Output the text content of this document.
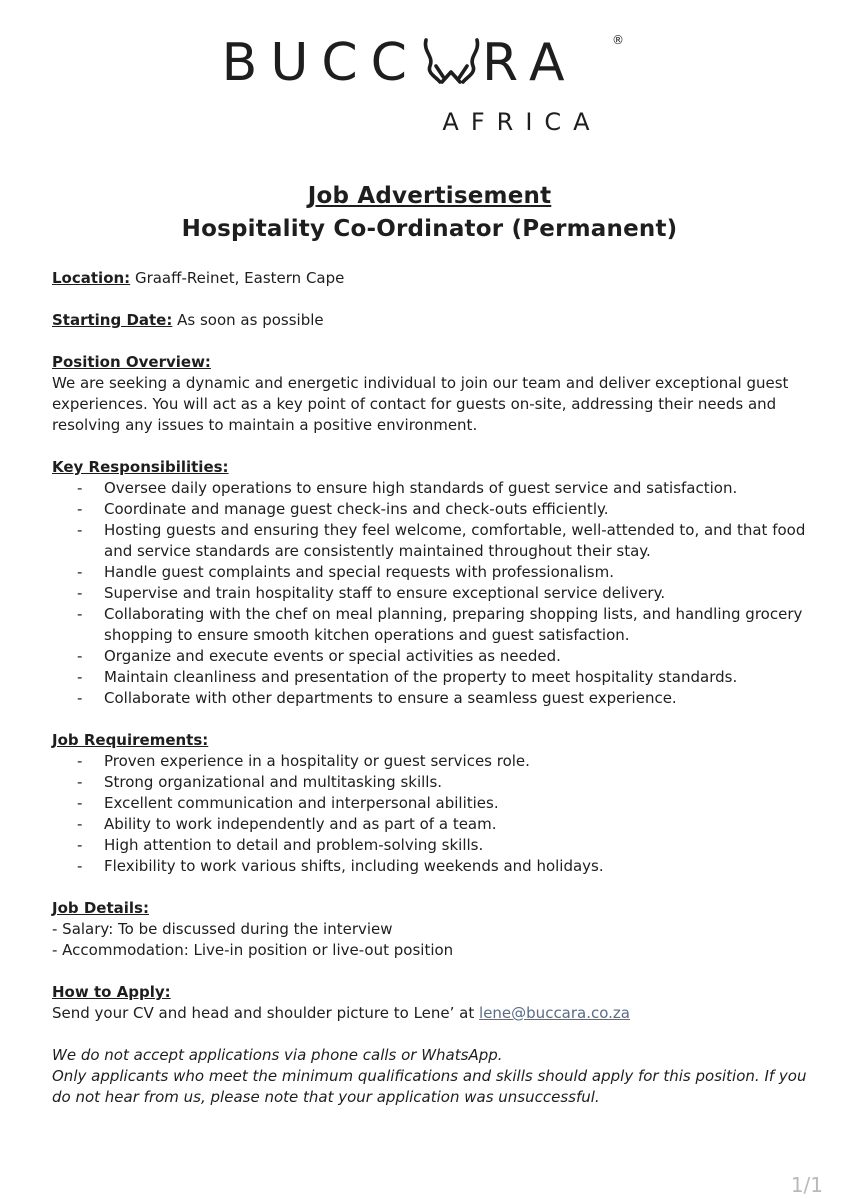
BUCC RA	®
AFRICA
Job Advertisement
Hospitality Co-Ordinator (Permanent)

Location: Graaff-Reinet, Eastern Cape

Starting Date: As soon as possible

Position Overview:
We are seeking a dynamic and energetic individual to join our team and deliver exceptional guest experiences. You will act as a key point of contact for guests on-site, addressing their needs and resolving any issues to maintain a positive environment.

Key Responsibilities:

- Oversee daily operations to ensure high standards of guest service and satisfaction.
- Coordinate and manage guest check-ins and check-outs efficiently.
- Hosting guests and ensuring they feel welcome, comfortable, well-attended to, and that food and service standards are consistently maintained throughout their stay.
- Handle guest complaints and special requests with professionalism.
- Supervise and train hospitality staff to ensure exceptional service delivery.
- Collaborating with the chef on meal planning, preparing shopping lists, and handling grocery shopping to ensure smooth kitchen operations and guest satisfaction.
- Organize and execute events or special activities as needed.
- Maintain cleanliness and presentation of the property to meet hospitality standards.
- Collaborate with other departments to ensure a seamless guest experience.

Job Requirements:

- Proven experience in a hospitality or guest services role.
- Strong organizational and multitasking skills.
- Excellent communication and interpersonal abilities.
- Ability to work independently and as part of a team.
- High attention to detail and problem-solving skills.
- Flexibility to work various shifts, including weekends and holidays.

Job Details:
- Salary: To be discussed during the interview
- Accommodation: Live-in position or live-out position

How to Apply:
Send your CV and head and shoulder picture to Lene’ at lene@buccara.co.za

We do not accept applications via phone calls or WhatsApp.
Only applicants who meet the minimum qualifications and skills should apply for this position. If you do not hear from us, please note that your application was unsuccessful.

1/1
